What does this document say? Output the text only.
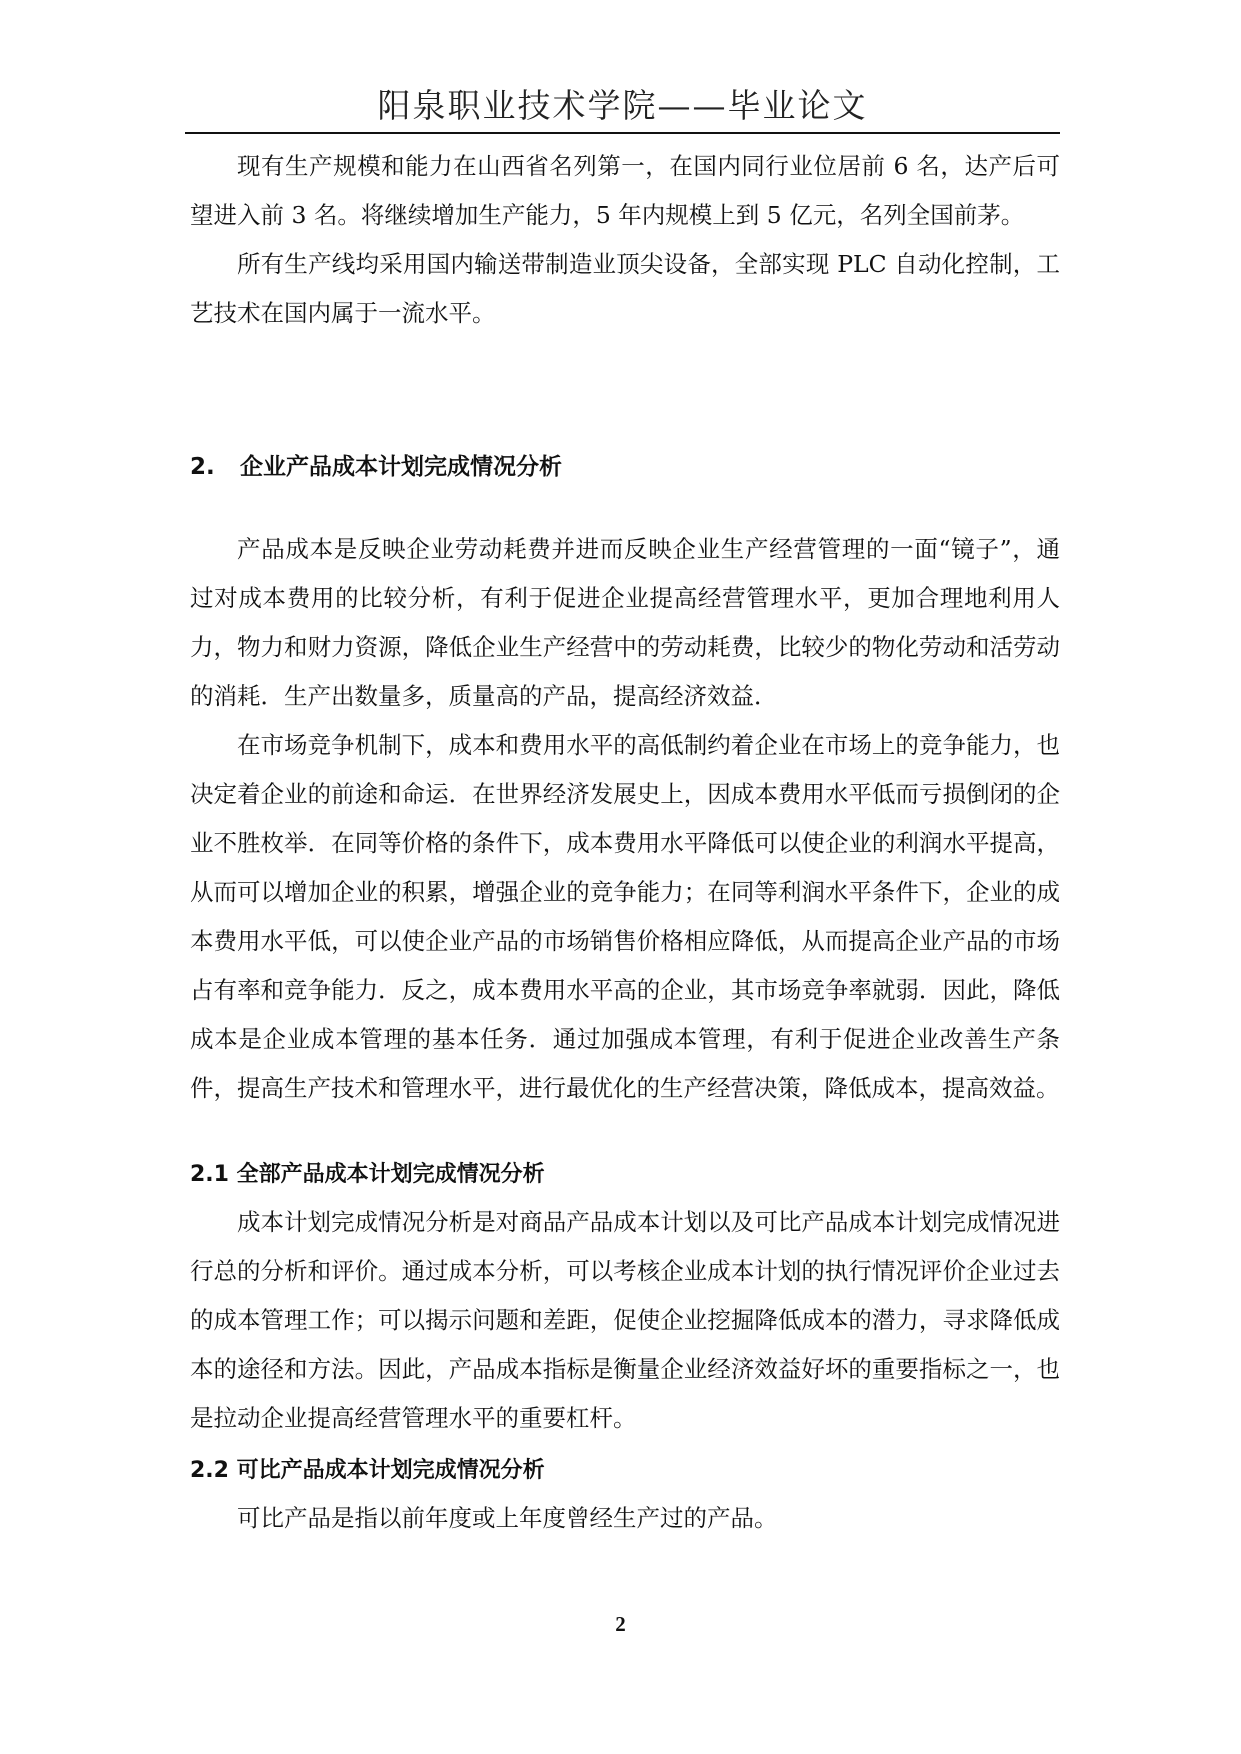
阳泉职业技术学院——毕业论文

现有生产规模和能力在山西省名列第一，在国内同行业位居前 6 名，达产后可望进入前 3 名。将继续增加生产能力，5 年内规模上到 5 亿元，名列全国前茅。

所有生产线均采用国内输送带制造业顶尖设备，全部实现 PLC 自动化控制，工艺技术在国内属于一流水平。

2. 企业产品成本计划完成情况分析

产品成本是反映企业劳动耗费并进而反映企业生产经营管理的一面“镜子”，通过对成本费用的比较分析，有利于促进企业提高经营管理水平，更加合理地利用人力，物力和财力资源，降低企业生产经营中的劳动耗费，比较少的物化劳动和活劳动的消耗．生产出数量多，质量高的产品，提高经济效益．

在市场竞争机制下，成本和费用水平的高低制约着企业在市场上的竞争能力，也决定着企业的前途和命运．在世界经济发展史上，因成本费用水平低而亏损倒闭的企业不胜枚举．在同等价格的条件下，成本费用水平降低可以使企业的利润水平提高，从而可以增加企业的积累，增强企业的竞争能力；在同等利润水平条件下，企业的成本费用水平低，可以使企业产品的市场销售价格相应降低，从而提高企业产品的市场占有率和竞争能力．反之，成本费用水平高的企业，其市场竞争率就弱．因此，降低成本是企业成本管理的基本任务．通过加强成本管理，有利于促进企业改善生产条件，提高生产技术和管理水平，进行最优化的生产经营决策，降低成本，提高效益。

2.1 全部产品成本计划完成情况分析

成本计划完成情况分析是对商品产品成本计划以及可比产品成本计划完成情况进行总的分析和评价。通过成本分析，可以考核企业成本计划的执行情况评价企业过去的成本管理工作；可以揭示问题和差距，促使企业挖掘降低成本的潜力，寻求降低成本的途径和方法。因此，产品成本指标是衡量企业经济效益好坏的重要指标之一，也是拉动企业提高经营管理水平的重要杠杆。

2.2 可比产品成本计划完成情况分析

可比产品是指以前年度或上年度曾经生产过的产品。

2
